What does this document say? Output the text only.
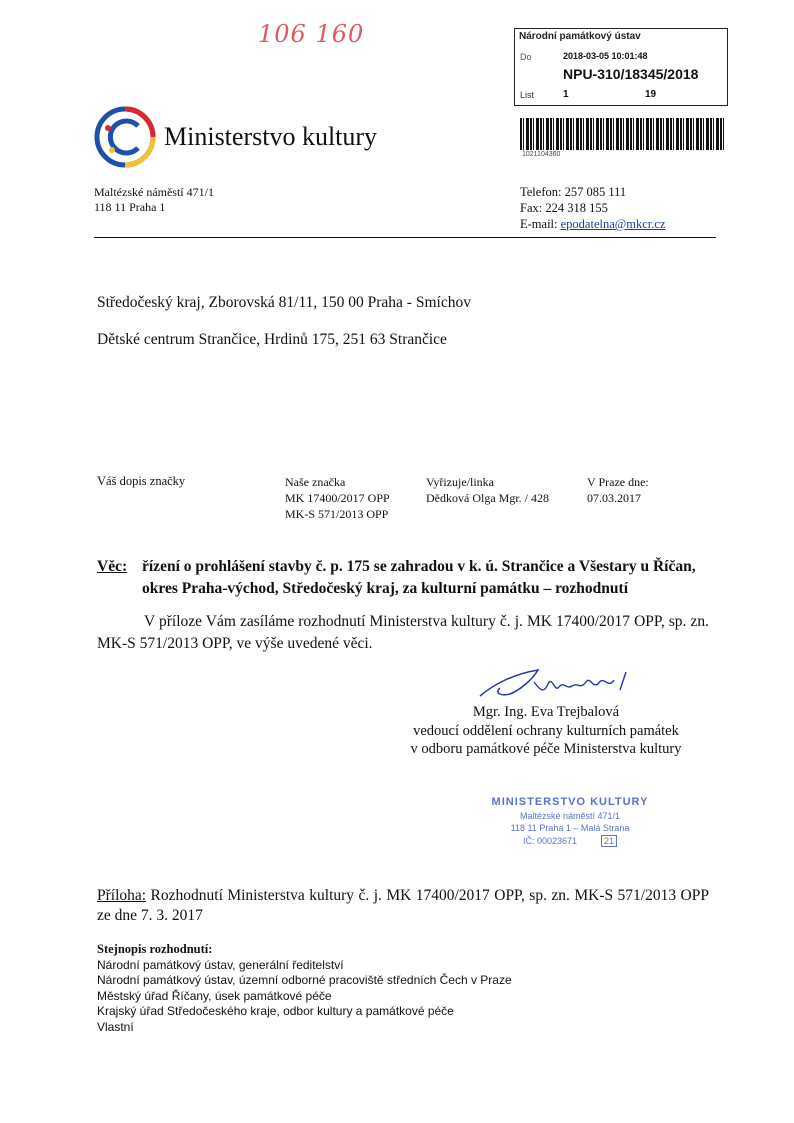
106 160	Národní památkový ústav
Do	2018-03-05 10:01:48
NPU-310/18345/2018
List	1	19
1021104360
Ministerstvo kultury
Maltézské náměstí 471/1
118 11 Praha 1
Telefon: 257 085 111
Fax: 224 318 155
E-mail: epodatelna@mkcr.cz
Středočeský kraj, Zborovská 81/11, 150 00 Praha - Smíchov
Dětské centrum Strančice, Hrdinů 175, 251 63 Strančice
Váš dopis značky	Naše značka
MK 17400/2017 OPP
MK-S 571/2013 OPP
Vyřizuje/linka
Dědková Olga Mgr. / 428
V Praze dne:
07.03.2017
Věc: řízení o prohlášení stavby č. p. 175 se zahradou v k. ú. Strančice a Všestary u Říčan, okres Praha-východ, Středočeský kraj, za kulturní památku – rozhodnutí
V příloze Vám zasíláme rozhodnutí Ministerstva kultury č. j. MK 17400/2017 OPP, sp. zn. MK-S 571/2013 OPP, ve výše uvedené věci.
Mgr. Ing. Eva Trejbalová
vedoucí oddělení ochrany kulturních památek
v odboru památkové péče Ministerstva kultury
MINISTERSTVO KULTURY
Maltézské náměstí 471/1
118 11 Praha 1 – Malá Strana
IČ: 00023671	21
Příloha: Rozhodnutí Ministerstva kultury č. j. MK 17400/2017 OPP, sp. zn. MK-S 571/2013 OPP ze dne 7. 3. 2017
Stejnopis rozhodnutí:
Národní památkový ústav, generální ředitelství
Národní památkový ústav, územní odborné pracoviště středních Čech v Praze
Městský úřad Říčany, úsek památkové péče
Krajský úřad Středočeského kraje, odbor kultury a památkové péče
Vlastní
